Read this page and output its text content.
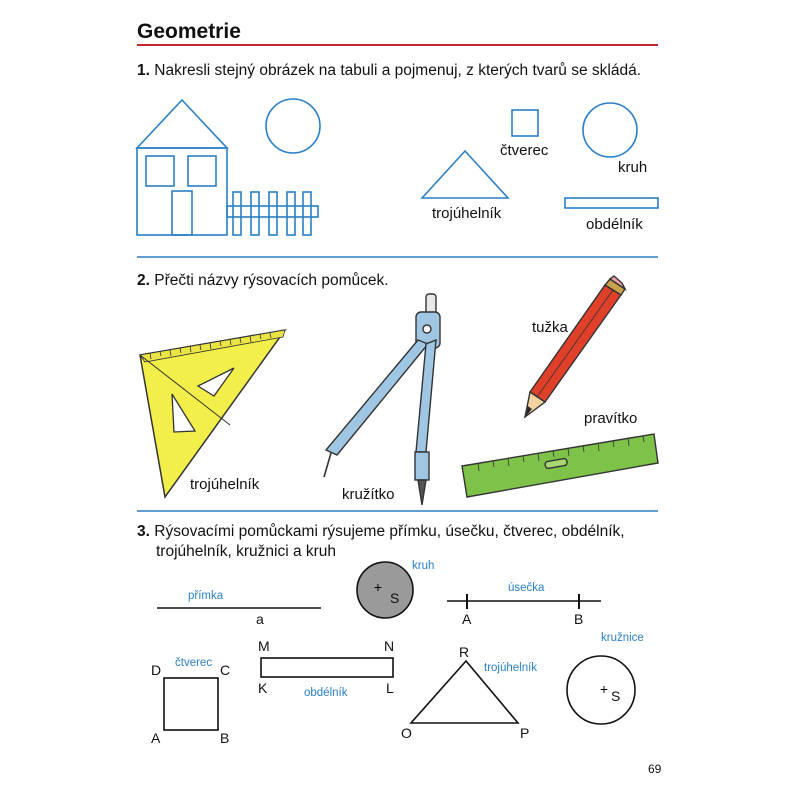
Geometrie
+
+
1. Nakresli stejný obrázek na tabuli a pojmenuj, z kterých tvarů se skládá.
čtverec
kruh
trojúhelník
obdélník
2. Přečti názvy rýsovacích pomůcek.
trojúhelník
kružítko
tužka
pravítko
3. Rýsovacími pomůckami rýsujeme přímku, úsečku, čtverec, obdélník,
trojúhelník, kružnici a kruh
přímka
a
kruh
S
úsečka
A	B
čtverec
D	C
A	B
M	N
K	L
obdélník
R
trojúhelník
O	P
kružnice
S
69
